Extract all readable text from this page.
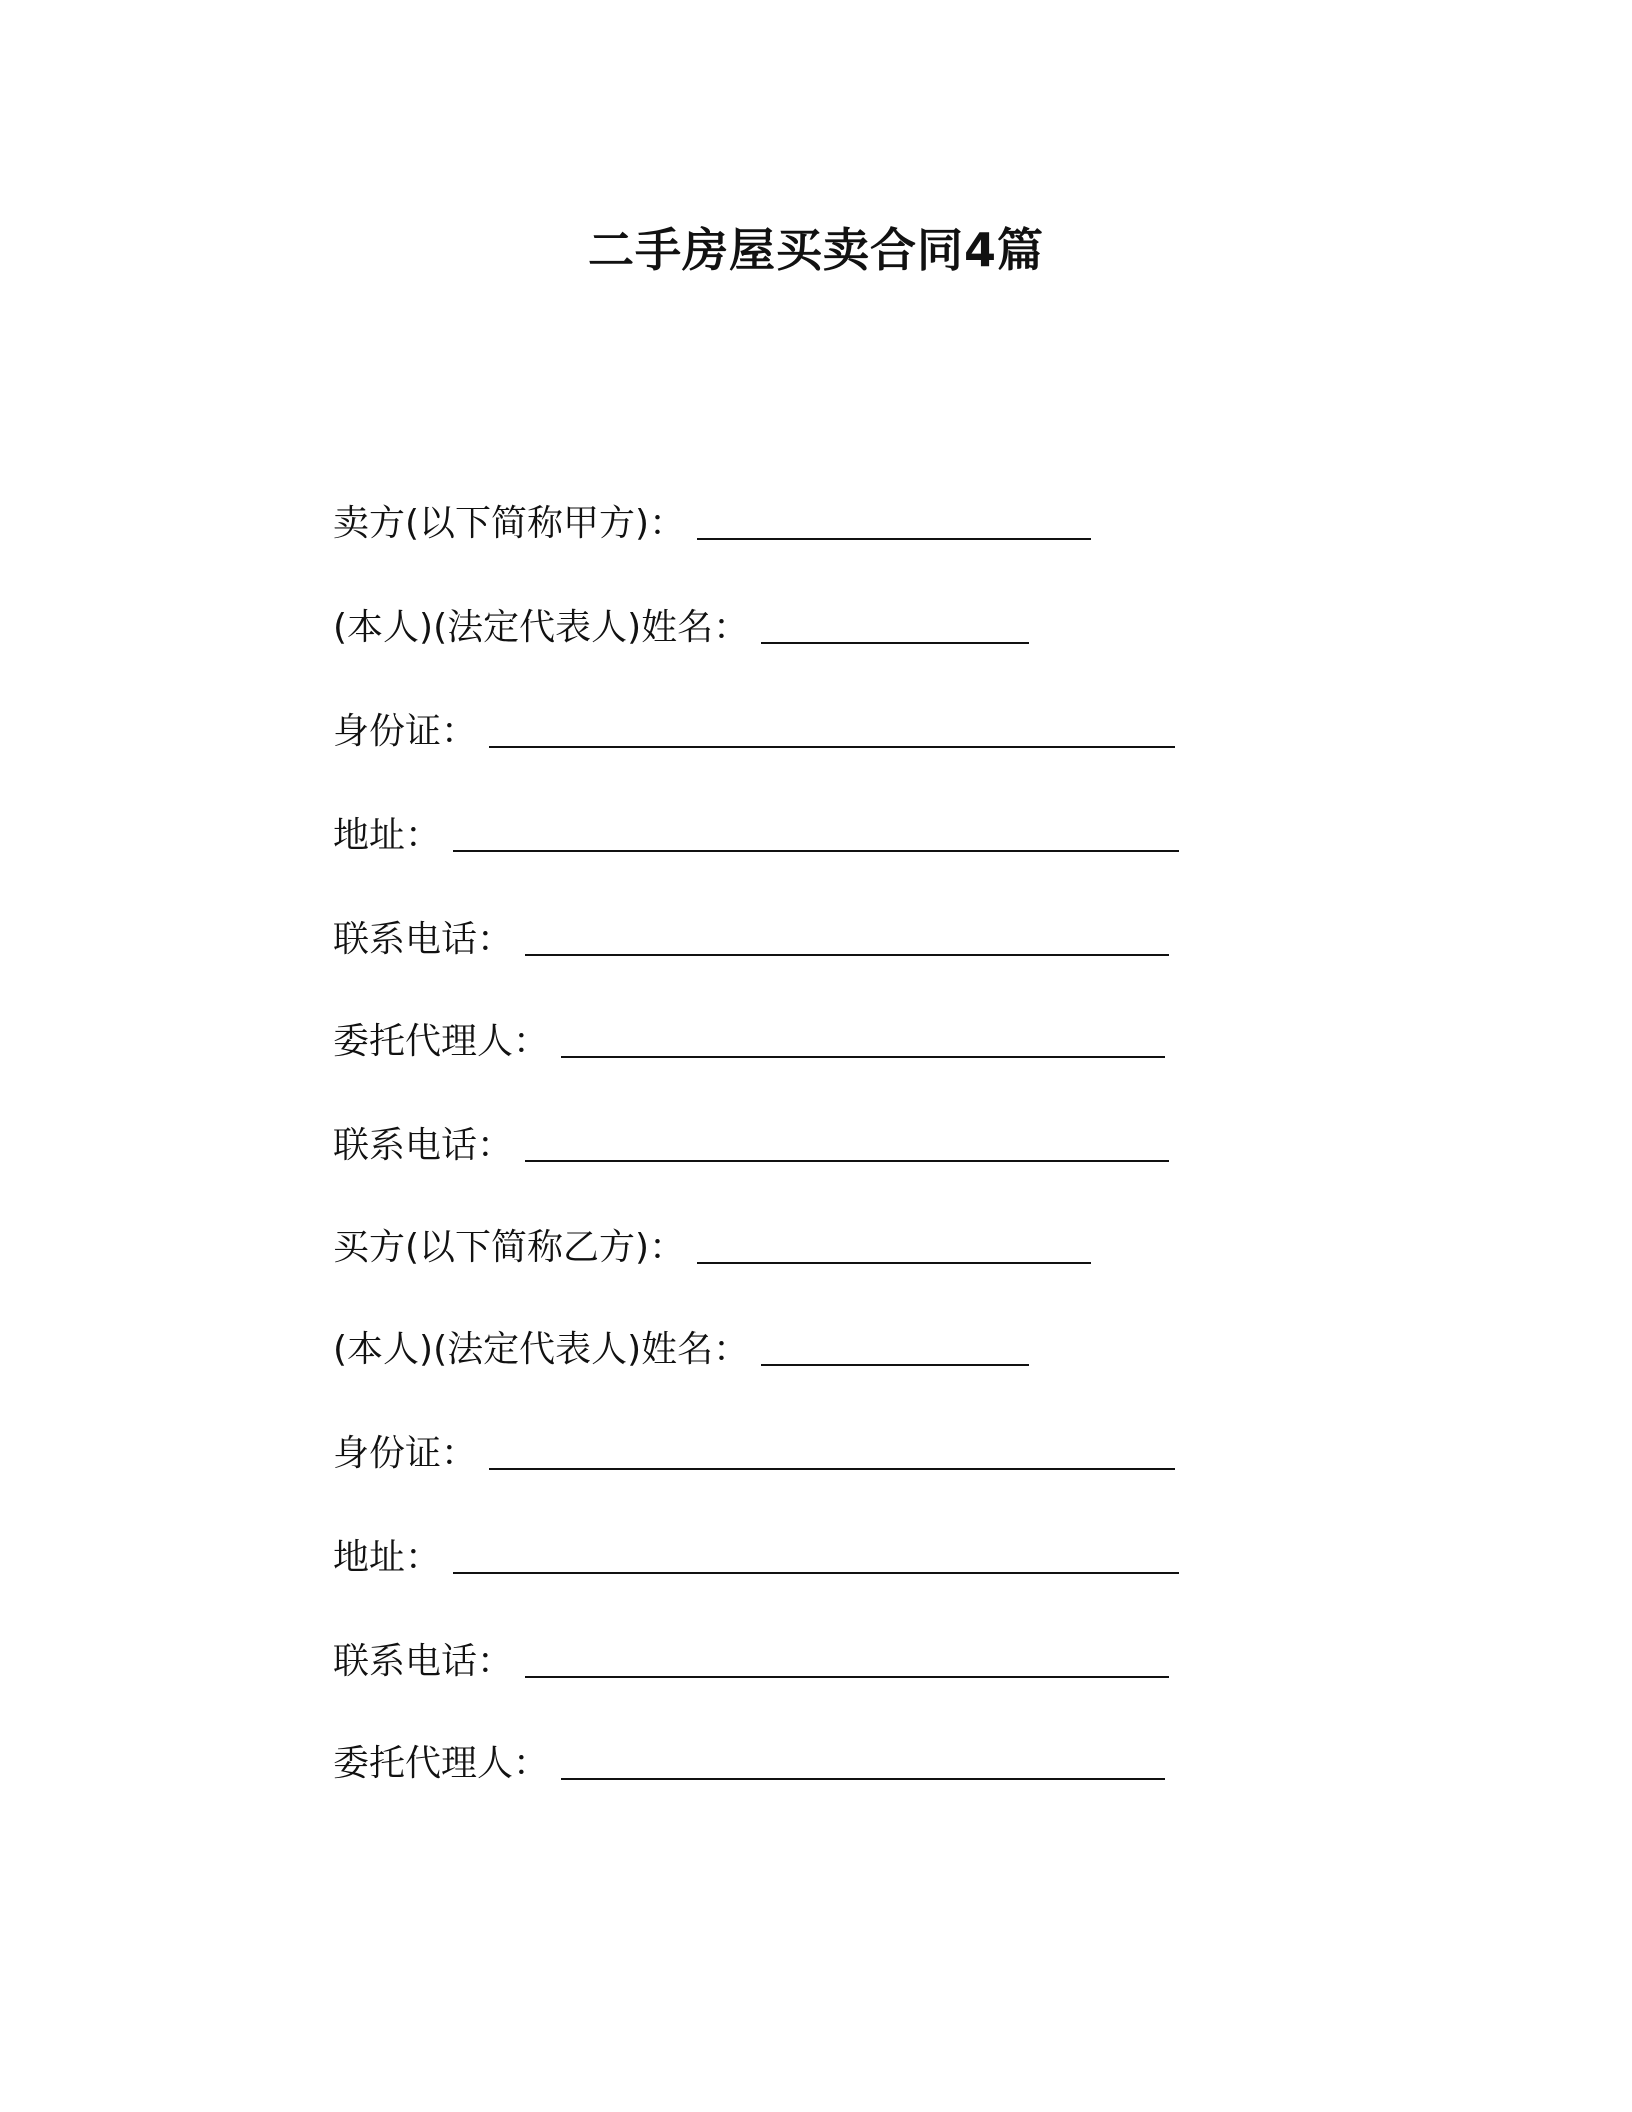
二手房屋买卖合同4篇
卖方(以下简称甲方)：
(本人)(法定代表人)姓名：
身份证：
地址：
联系电话：
委托代理人：
联系电话：
买方(以下简称乙方)：
(本人)(法定代表人)姓名：
身份证：
地址：
联系电话：
委托代理人：
